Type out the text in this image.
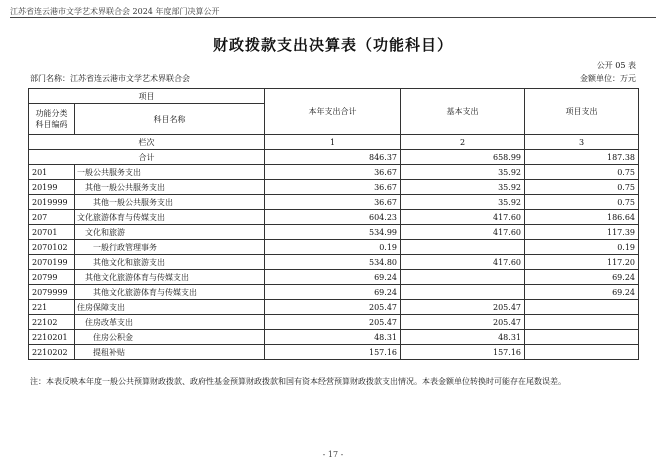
江苏省连云港市文学艺术界联合会 2024 年度部门决算公开
财政拨款支出决算表（功能科目）
公开 05 表
部门名称：江苏省连云港市文学艺术界联合会	金额单位：万元
项目		本年支出合计	基本支出	项目支出
功能分类科目编码	科目名称			
栏次		1	2	3
合计		846.37	658.99	187.38
201	一般公共服务支出	36.67	35.92	0.75
20199	其他一般公共服务支出	36.67	35.92	0.75
2019999	其他一般公共服务支出	36.67	35.92	0.75
207	文化旅游体育与传媒支出	604.23	417.60	186.64
20701	文化和旅游	534.99	417.60	117.39
2070102	一般行政管理事务	0.19		0.19
2070199	其他文化和旅游支出	534.80	417.60	117.20
20799	其他文化旅游体育与传媒支出	69.24		69.24
2079999	其他文化旅游体育与传媒支出	69.24		69.24
221	住房保障支出	205.47	205.47	
22102	住房改革支出	205.47	205.47	
2210201	住房公积金	48.31	48.31	
2210202	提租补贴	157.16	157.16	
注：本表反映本年度一般公共预算财政拨款、政府性基金预算财政拨款和国有资本经营预算财政拨款支出情况。本表金额单位转换时可能存在尾数误差。
- 17 -
